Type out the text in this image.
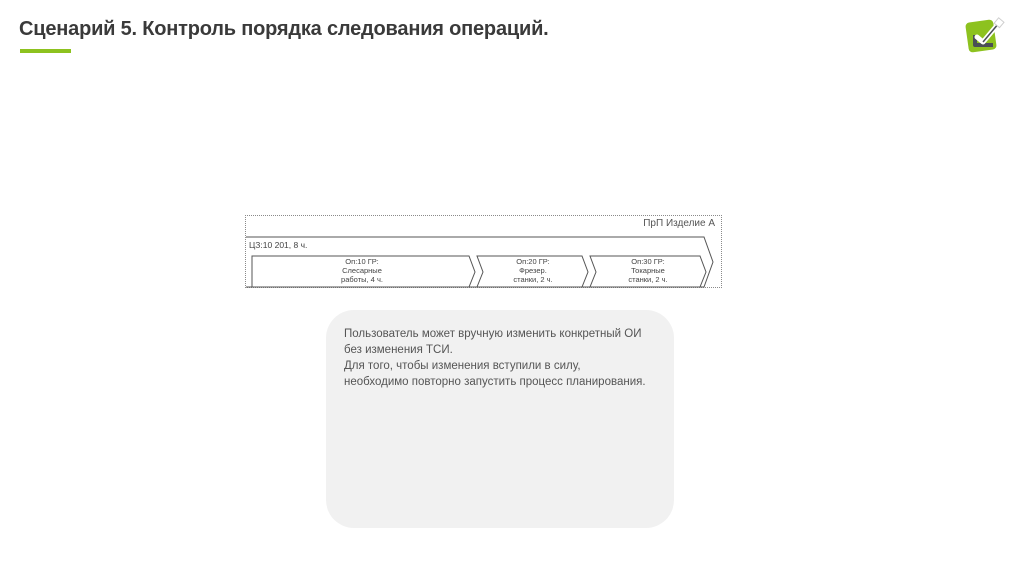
Сценарий 5. Контроль порядка следования операций.
ПрП Изделие А
ЦЗ:10 201, 8 ч.
Оп:10 ГР:
Слесарные
работы, 4 ч.
Оп:20 ГР:
Фрезер.
станки, 2 ч.
Оп:30 ГР:
Токарные
станки, 2 ч.

Пользователь может вручную изменить конкретный ОИ

без изменения ТСИ.

Для того, чтобы изменения вступили в силу,

необходимо повторно запустить процесс планирования.
